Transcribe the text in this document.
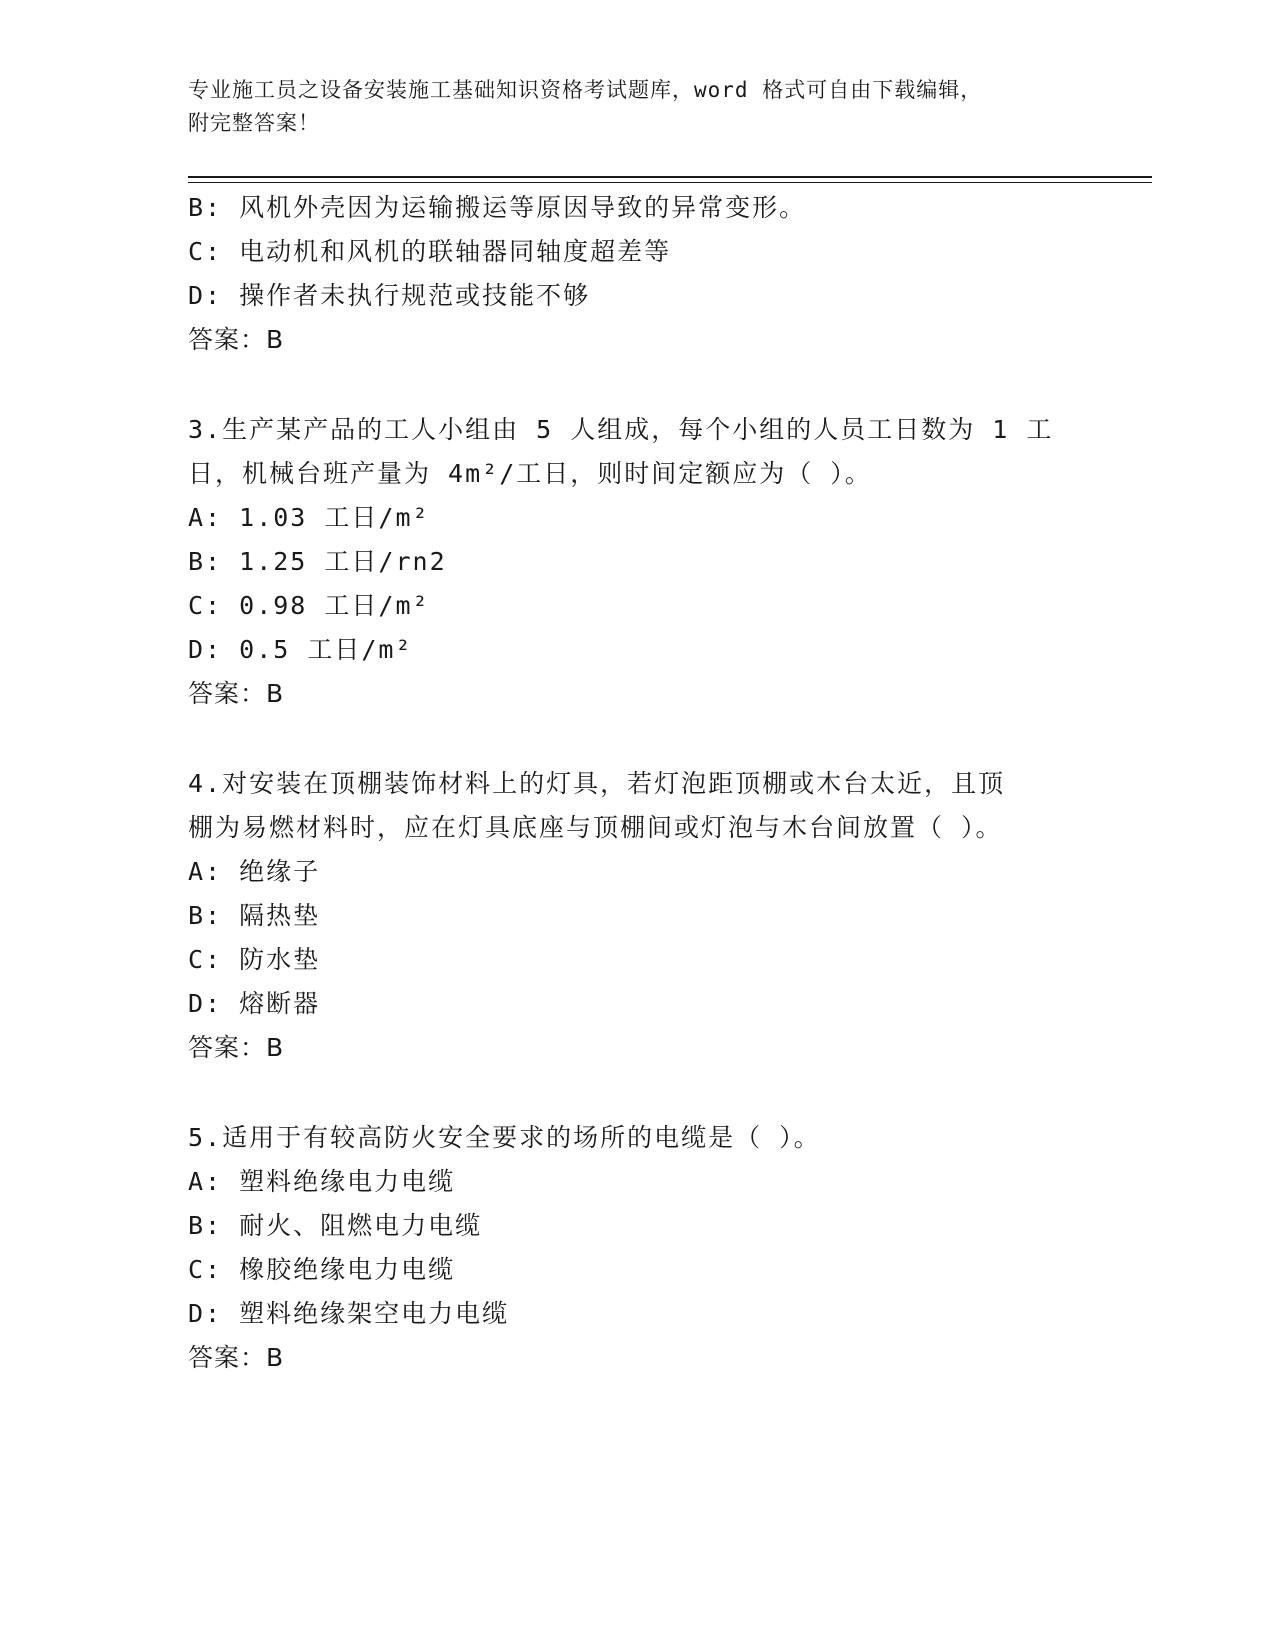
专业施工员之设备安装施工基础知识资格考试题库，word 格式可自由下载编辑，
附完整答案！
B: 风机外壳因为运输搬运等原因导致的异常变形。
C: 电动机和风机的联轴器同轴度超差等
D: 操作者未执行规范或技能不够
答案：B
3.生产某产品的工人小组由 5 人组成，每个小组的人员工日数为 1 工
日，机械台班产量为 4m²/工日，则时间定额应为（ ）。
A: 1.03 工日/m²
B: 1.25 工日/rn2
C: 0.98 工日/m²
D: 0.5 工日/m²
答案：B
4.对安装在顶棚装饰材料上的灯具，若灯泡距顶棚或木台太近，且顶
棚为易燃材料时，应在灯具底座与顶棚间或灯泡与木台间放置（ ）。
A: 绝缘子
B: 隔热垫
C: 防水垫
D: 熔断器
答案：B
5.适用于有较高防火安全要求的场所的电缆是（ ）。
A: 塑料绝缘电力电缆
B: 耐火、阻燃电力电缆
C: 橡胶绝缘电力电缆
D: 塑料绝缘架空电力电缆
答案：B
